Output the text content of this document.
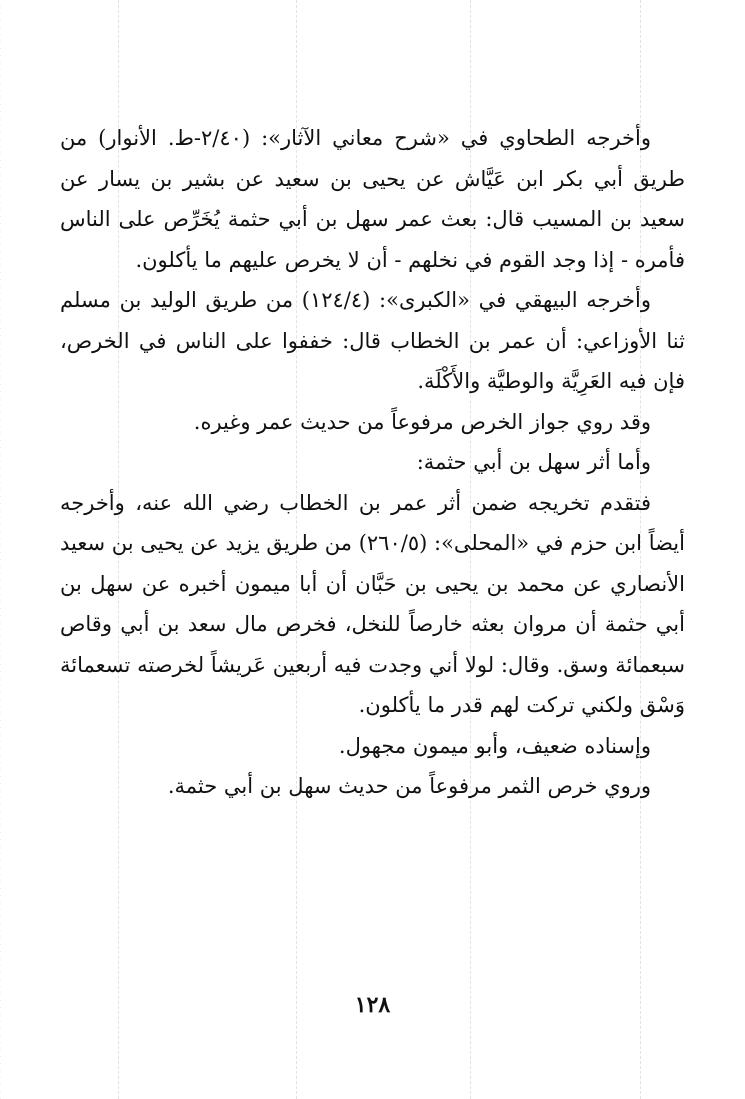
وأخرجه الطحاوي في «شرح معاني الآثار»: (٢/٤٠-ط. الأنوار) من طريق أبي بكر ابن عَيَّاش عن يحيى بن سعيد عن بشير بن يسار عن سعيد بن المسيب قال: بعث عمر سهل بن أبي حثمة يُخَرِّص على الناس فأمره - إذا وجد القوم في نخلهم - أن لا يخرص عليهم ما يأكلون.

وأخرجه البيهقي في «الكبرى»: (١٢٤/٤) من طريق الوليد بن مسلم ثنا الأوزاعي: أن عمر بن الخطاب قال: خففوا على الناس في الخرص، فإن فيه العَرِيَّة والوطيَّة والأَكْلَة.

وقد روي جواز الخرص مرفوعاً من حديث عمر وغيره.

وأما أثر سهل بن أبي حثمة:

فتقدم تخريجه ضمن أثر عمر بن الخطاب رضي الله عنه، وأخرجه أيضاً ابن حزم في «المحلى»: (٢٦٠/٥) من طريق يزيد عن يحيى بن سعيد الأنصاري عن محمد بن يحيى بن حَبَّان أن أبا ميمون أخبره عن سهل بن أبي حثمة أن مروان بعثه خارصاً للنخل، فخرص مال سعد بن أبي وقاص سبعمائة وسق. وقال: لولا أني وجدت فيه أربعين عَريشاً لخرصته تسعمائة وَسْق ولكني تركت لهم قدر ما يأكلون.

وإسناده ضعيف، وأبو ميمون مجهول.

وروي خرص الثمر مرفوعاً من حديث سهل بن أبي حثمة.

١٢٨
